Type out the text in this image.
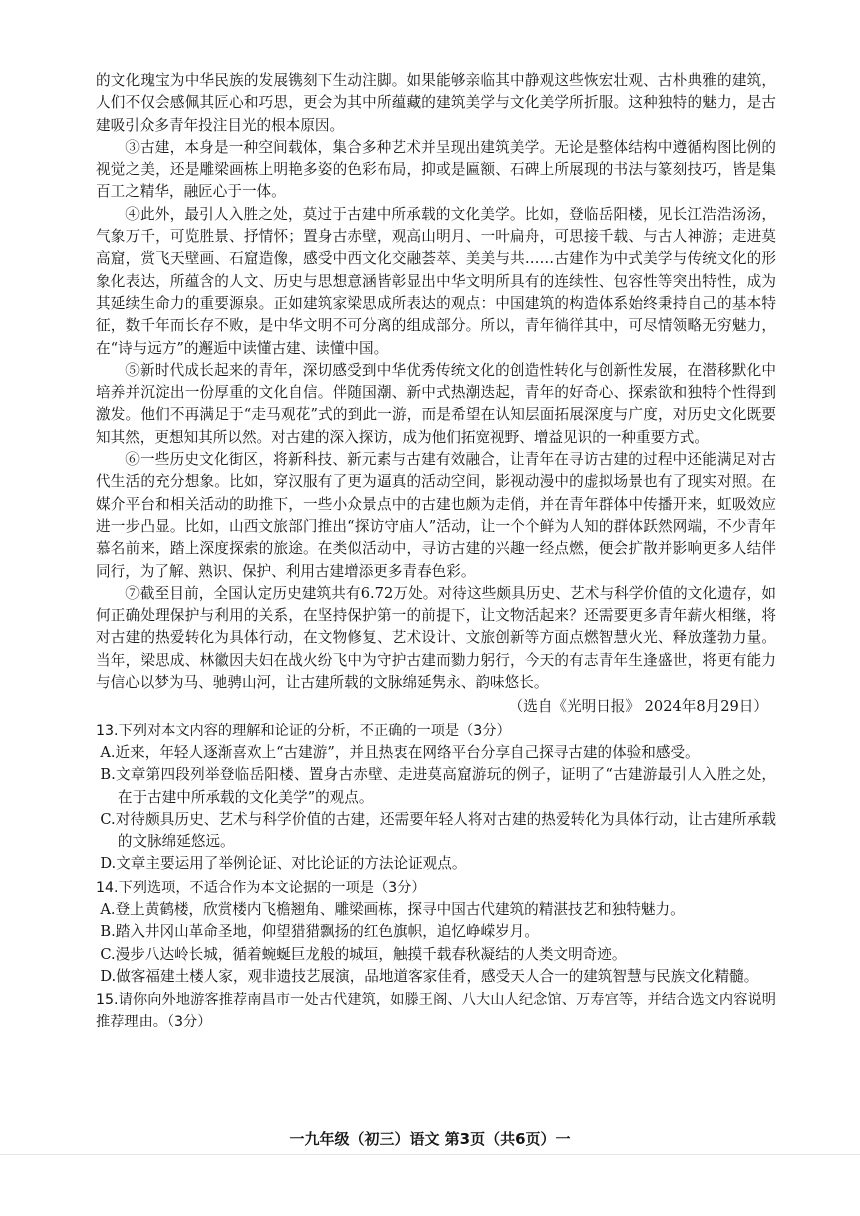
的文化瑰宝为中华民族的发展镌刻下生动注脚。如果能够亲临其中静观这些恢宏壮观、古朴典雅的建筑，人们不仅会感佩其匠心和巧思，更会为其中所蕴藏的建筑美学与文化美学所折服。这种独特的魅力，是古建吸引众多青年投注目光的根本原因。

③古建，本身是一种空间载体，集合多种艺术并呈现出建筑美学。无论是整体结构中遵循构图比例的视觉之美，还是雕梁画栋上明艳多姿的色彩布局，抑或是匾额、石碑上所展现的书法与篆刻技巧，皆是集百工之精华，融匠心于一体。

④此外，最引人入胜之处，莫过于古建中所承载的文化美学。比如，登临岳阳楼，见长江浩浩汤汤，气象万千，可览胜景、抒情怀；置身古赤壁，观高山明月、一叶扁舟，可思接千载、与古人神游；走进莫高窟，赏飞天壁画、石窟造像，感受中西文化交融荟萃、美美与共……古建作为中式美学与传统文化的形象化表达，所蕴含的人文、历史与思想意涵皆彰显出中华文明所具有的连续性、包容性等突出特性，成为其延续生命力的重要源泉。正如建筑家梁思成所表达的观点：中国建筑的构造体系始终秉持自己的基本特征，数千年而长存不败，是中华文明不可分离的组成部分。所以，青年徜徉其中，可尽情领略无穷魅力，在“诗与远方”的邂逅中读懂古建、读懂中国。

⑤新时代成长起来的青年，深切感受到中华优秀传统文化的创造性转化与创新性发展，在潜移默化中培养并沉淀出一份厚重的文化自信。伴随国潮、新中式热潮迭起，青年的好奇心、探索欲和独特个性得到激发。他们不再满足于“走马观花”式的到此一游，而是希望在认知层面拓展深度与广度，对历史文化既要知其然，更想知其所以然。对古建的深入探访，成为他们拓宽视野、增益见识的一种重要方式。

⑥一些历史文化街区，将新科技、新元素与古建有效融合，让青年在寻访古建的过程中还能满足对古代生活的充分想象。比如，穿汉服有了更为逼真的活动空间，影视动漫中的虚拟场景也有了现实对照。在媒介平台和相关活动的助推下，一些小众景点中的古建也颇为走俏，并在青年群体中传播开来，虹吸效应进一步凸显。比如，山西文旅部门推出“探访守庙人”活动，让一个个鲜为人知的群体跃然网端，不少青年慕名前来，踏上深度探索的旅途。在类似活动中，寻访古建的兴趣一经点燃，便会扩散并影响更多人结伴同行，为了解、熟识、保护、利用古建增添更多青春色彩。

⑦截至目前，全国认定历史建筑共有6.72万处。对待这些颇具历史、艺术与科学价值的文化遗存，如何正确处理保护与利用的关系，在坚持保护第一的前提下，让文物活起来？还需要更多青年薪火相继，将对古建的热爱转化为具体行动，在文物修复、艺术设计、文旅创新等方面点燃智慧火光、释放蓬勃力量。当年，梁思成、林徽因夫妇在战火纷飞中为守护古建而勠力躬行，今天的有志青年生逢盛世，将更有能力与信心以梦为马、驰骋山河，让古建所载的文脉绵延隽永、韵味悠长。

（选自《光明日报》 2024年8月29日）

13.下列对本文内容的理解和论证的分析，不正确的一项是（3分）

A.近来，年轻人逐渐喜欢上“古建游”，并且热衷在网络平台分享自己探寻古建的体验和感受。

B.文章第四段列举登临岳阳楼、置身古赤壁、走进莫高窟游玩的例子，证明了“古建游最引人入胜之处，在于古建中所承载的文化美学”的观点。

C.对待颇具历史、艺术与科学价值的古建，还需要年轻人将对古建的热爱转化为具体行动，让古建所承载的文脉绵延悠远。

D.文章主要运用了举例论证、对比论证的方法论证观点。

14.下列选项，不适合作为本文论据的一项是（3分）

A.登上黄鹤楼，欣赏楼内飞檐翘角、雕梁画栋，探寻中国古代建筑的精湛技艺和独特魅力。

B.踏入井冈山革命圣地，仰望猎猎飘扬的红色旗帜，追忆峥嵘岁月。

C.漫步八达岭长城，循着蜿蜒巨龙般的城垣，触摸千载春秋凝结的人类文明奇迹。

D.做客福建土楼人家，观非遗技艺展演，品地道客家佳肴，感受天人合一的建筑智慧与民族文化精髓。

15.请你向外地游客推荐南昌市一处古代建筑，如滕王阁、八大山人纪念馆、万寿宫等，并结合选文内容说明推荐理由。（3分）

一九年级（初三）语文 第3页（共6页）一
